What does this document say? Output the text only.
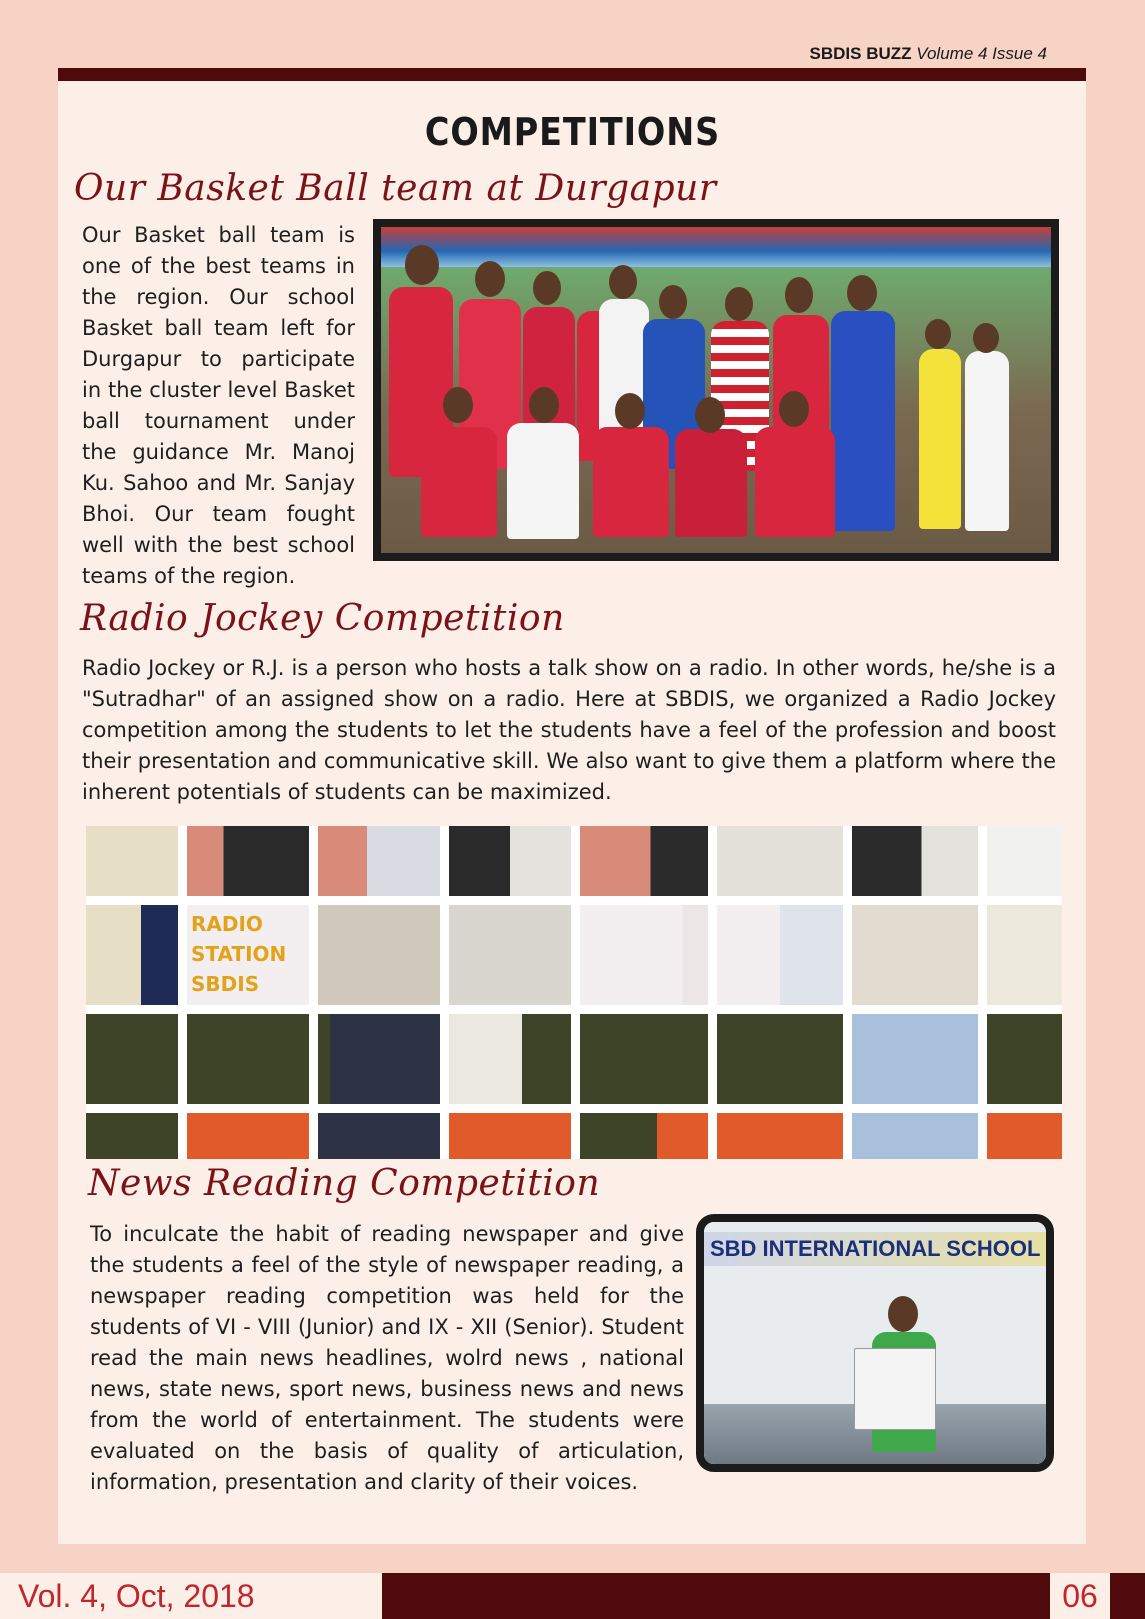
SBDIS BUZZ Volume 4 Issue 4
COMPETITIONS
Our Basket Ball team at Durgapur
Our Basket ball team is one of the best teams in the region. Our school Basket ball team left for Durgapur to participate in the cluster level Basket ball tournament under the guidance Mr. Manoj Ku. Sahoo and Mr. Sanjay Bhoi. Our team fought well with the best school teams of the region.
Radio Jockey Competition
Radio Jockey or R.J. is a person who hosts a talk show on a radio. In other words, he/she is a "Sutradhar" of an assigned show on a radio. Here at SBDIS, we organized a Radio Jockey competition among the students to let the students have a feel of the profession and boost their presentation and communicative skill. We also want to give them a platform where the inherent potentials of students can be maximized.
RADIO STATION SBDIS
News Reading Competition
To inculcate the habit of reading newspaper and give the students a feel of the style of newspaper reading, a newspaper reading competition was held for the students of VI - VIII (Junior) and IX - XII (Senior). Student read the main news headlines, wolrd news , national news, state news, sport news, business news and news from the world of entertainment. The students were evaluated on the basis of quality of articulation, information, presentation and clarity of their voices.
SBD INTERNATIONAL SCHOOL
Vol. 4, Oct, 2018	06
